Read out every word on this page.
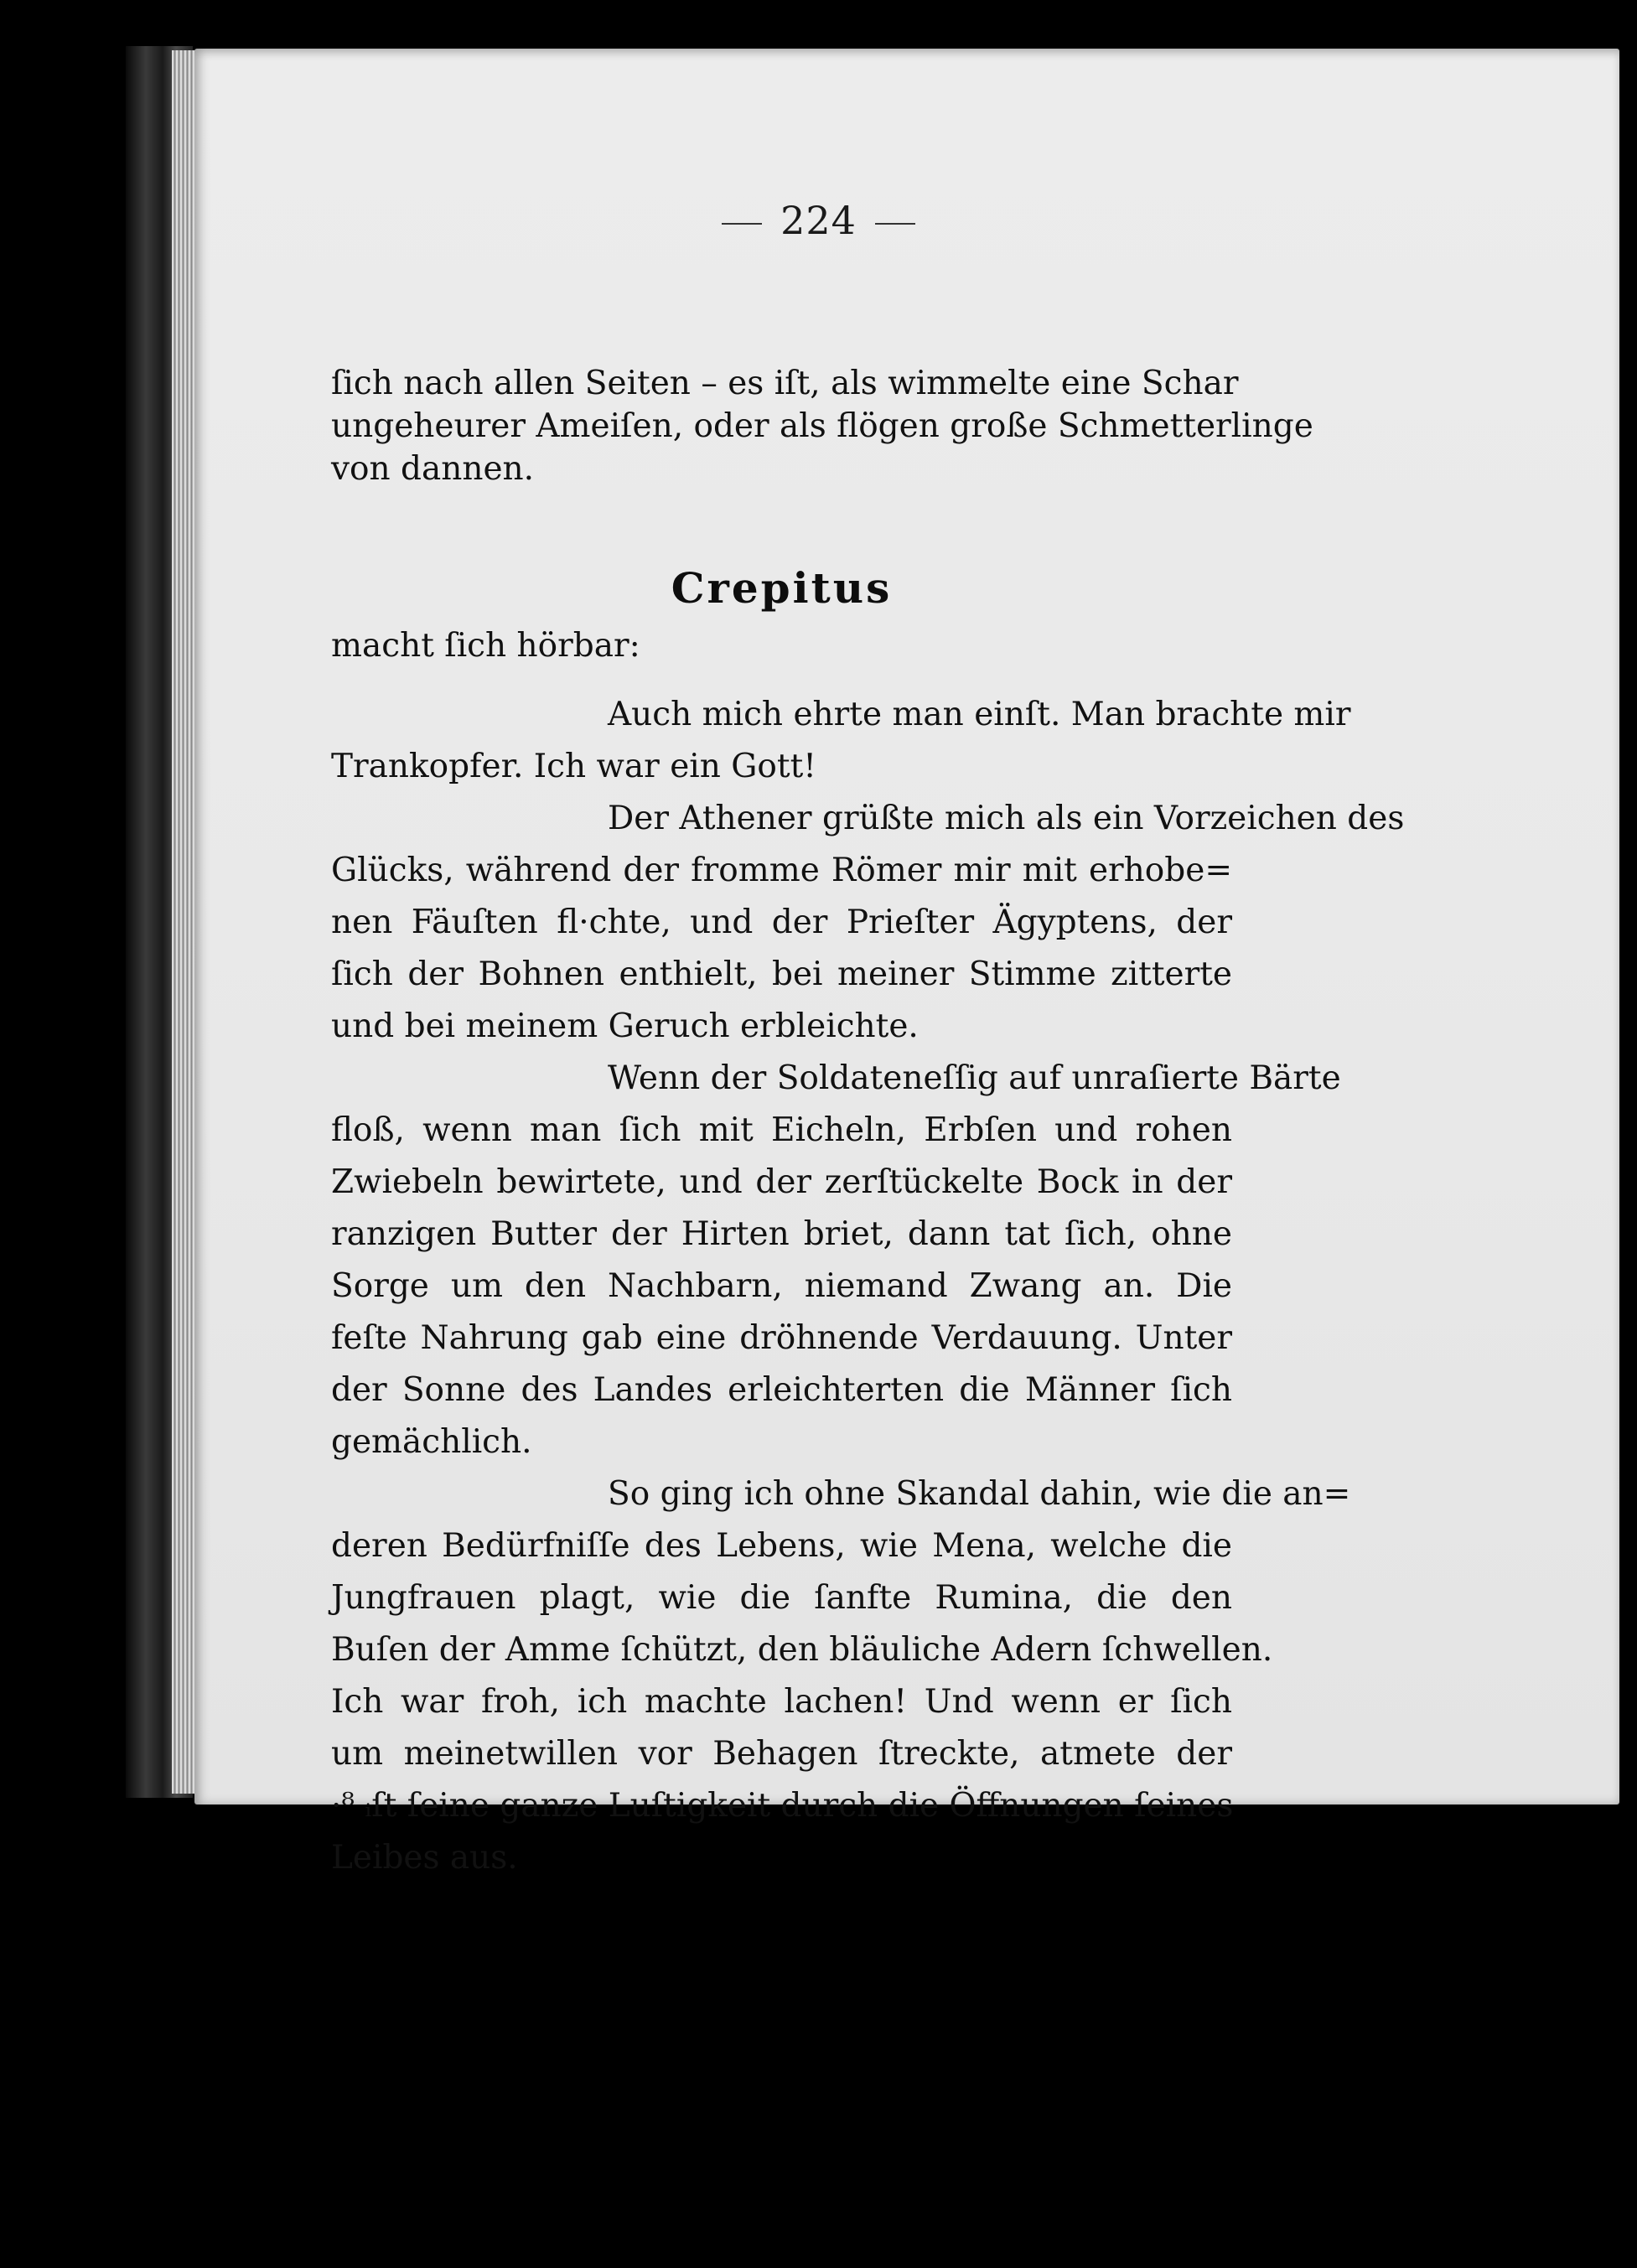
224
ſich nach allen Seiten – es iſt, als wimmelte eine Schar
ungeheurer Ameiſen, oder als flögen große Schmetterlinge
von dannen.
Crepitus
macht ſich hörbar:
Auch mich ehrte man einſt. Man brachte mir
Trankopfer. Ich war ein Gott!
Der Athener grüßte mich als ein Vorzeichen des
Glücks, während der fromme Römer mir mit erhobe=
nen Fäuſten fl·chte, und der Prieſter Ägyptens, der
ſich der Bohnen enthielt, bei meiner Stimme zitterte
und bei meinem Geruch erbleichte.
Wenn der Soldateneſſig auf unraſierte Bärte
floß, wenn man ſich mit Eicheln, Erbſen und rohen
Zwiebeln bewirtete, und der zerſtückelte Bock in der
ranzigen Butter der Hirten briet, dann tat ſich, ohne
Sorge um den Nachbarn, niemand Zwang an. Die
feſte Nahrung gab eine dröhnende Verdauung. Unter
der Sonne des Landes erleichterten die Männer ſich
gemächlich.
So ging ich ohne Skandal dahin, wie die an=
deren Bedürfniſſe des Lebens, wie Mena, welche die
Jungfrauen plagt, wie die ſanfte Rumina, die den
Buſen der Amme ſchützt, den bläuliche Adern ſchwellen.
Ich war froh, ich machte lachen! Und wenn er ſich
um meinetwillen vor Behagen ſtreckte, atmete der
·⁸ ᵢſt ſeine ganze Luſtigkeit durch die Öffnungen ſeines
Leibes aus.
